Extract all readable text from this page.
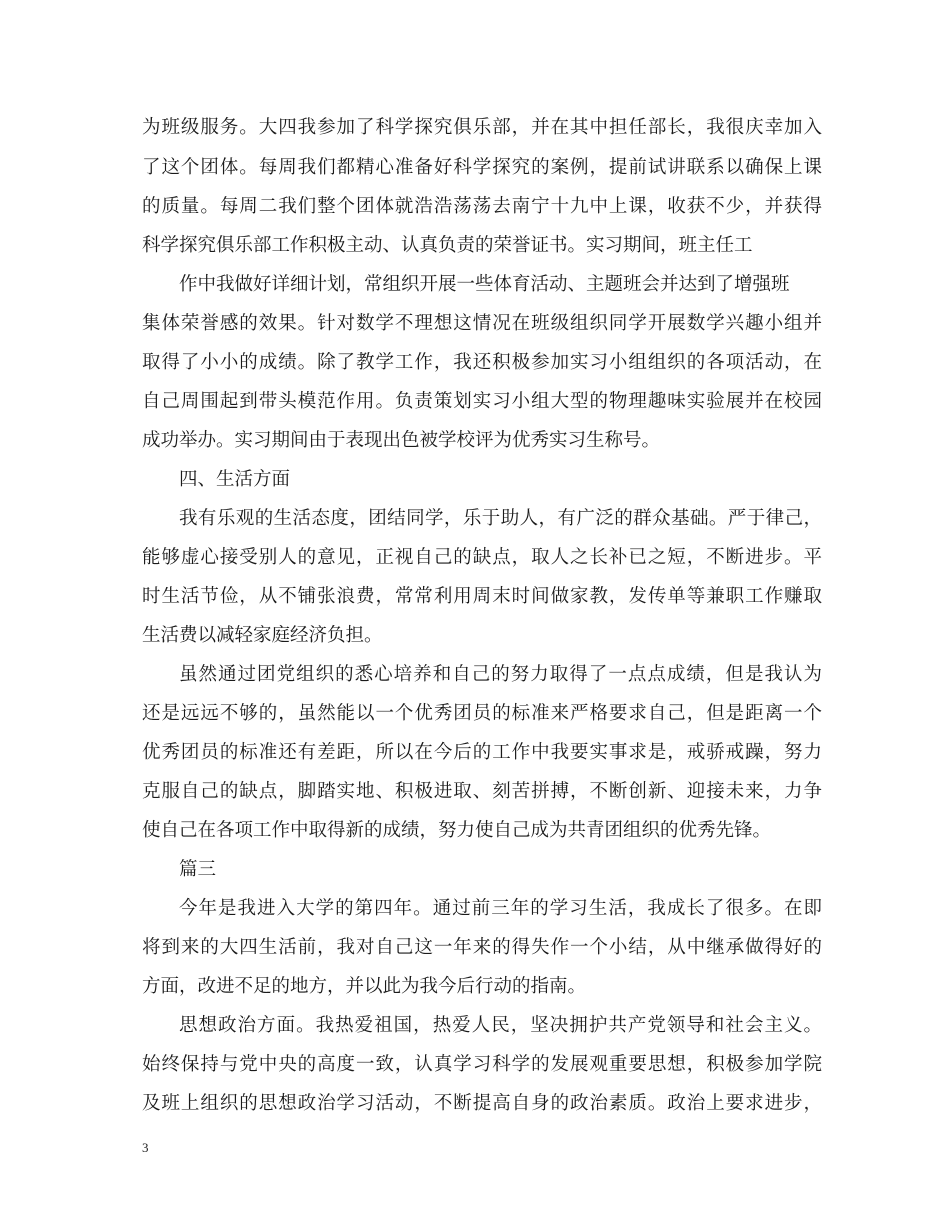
为班级服务。大四我参加了科学探究俱乐部，并在其中担任部长，我很庆幸加入
了这个团体。每周我们都精心准备好科学探究的案例，提前试讲联系以确保上课
的质量。每周二我们整个团体就浩浩荡荡去南宁十九中上课，收获不少，并获得
科学探究俱乐部工作积极主动、认真负责的荣誉证书。实习期间，班主任工
作中我做好详细计划，常组织开展一些体育活动、主题班会并达到了增强班
集体荣誉感的效果。针对数学不理想这情况在班级组织同学开展数学兴趣小组并
取得了小小的成绩。除了教学工作，我还积极参加实习小组组织的各项活动，在
自己周围起到带头模范作用。负责策划实习小组大型的物理趣味实验展并在校园
成功举办。实习期间由于表现出色被学校评为优秀实习生称号。
四、生活方面
我有乐观的生活态度，团结同学，乐于助人，有广泛的群众基础。严于律己，
能够虚心接受别人的意见，正视自己的缺点，取人之长补已之短，不断进步。平
时生活节俭，从不铺张浪费，常常利用周末时间做家教，发传单等兼职工作赚取
生活费以减轻家庭经济负担。
虽然通过团党组织的悉心培养和自己的努力取得了一点点成绩，但是我认为
还是远远不够的，虽然能以一个优秀团员的标准来严格要求自己，但是距离一个
优秀团员的标准还有差距，所以在今后的工作中我要实事求是，戒骄戒躁，努力
克服自己的缺点，脚踏实地、积极进取、刻苦拼搏，不断创新、迎接未来，力争
使自己在各项工作中取得新的成绩，努力使自己成为共青团组织的优秀先锋。
篇三
今年是我进入大学的第四年。通过前三年的学习生活，我成长了很多。在即
将到来的大四生活前，我对自己这一年来的得失作一个小结，从中继承做得好的
方面，改进不足的地方，并以此为我今后行动的指南。
思想政治方面。我热爱祖国，热爱人民，坚决拥护共产党领导和社会主义。
始终保持与党中央的高度一致，认真学习科学的发展观重要思想，积极参加学院
及班上组织的思想政治学习活动，不断提高自身的政治素质。政治上要求进步，
3
